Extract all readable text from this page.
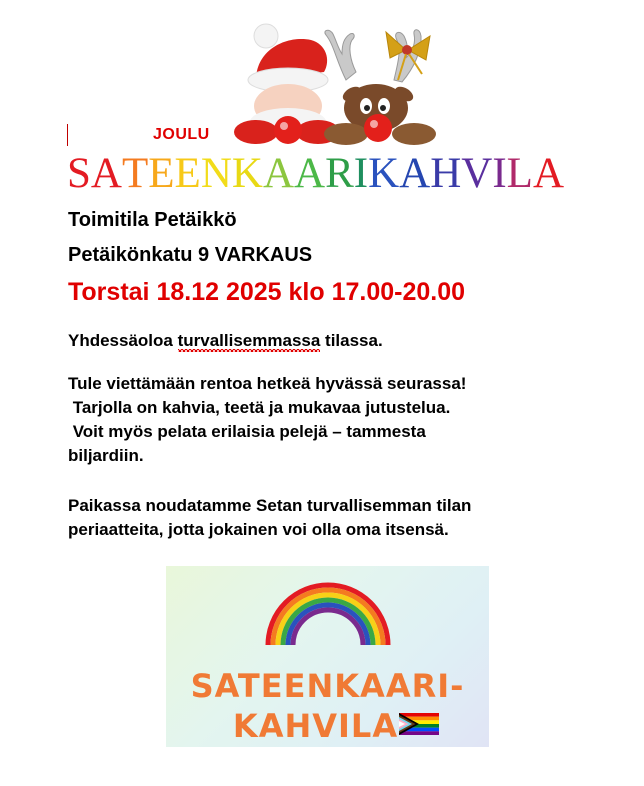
JOULU
SATEENKAARIKAHVILA
Toimitila Petäikkö
Petäikönkatu 9 VARKAUS
Torstai 18.12 2025 klo 17.00-20.00
Yhdessäoloa turvallisemmassa tilassa.
Tule viettämään rentoa hetkeä hyvässä seurassa!
Tarjolla on kahvia, teetä ja mukavaa jutustelua.
Voit myös pelata erilaisia pelejä – tammesta
biljardiin.
Paikassa noudatamme Setan turvallisemman tilan
periaatteita, jotta jokainen voi olla oma itsensä.
SATEENKAARI-
KAHVILA
